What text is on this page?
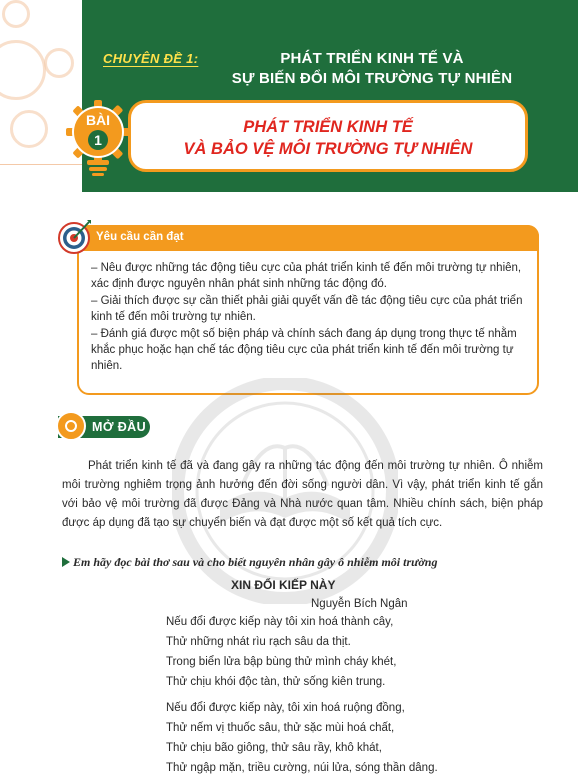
CHUYÊN ĐỀ 1:	PHÁT TRIỂN KINH TẾ VÀ
SỰ BIẾN ĐỔI MÔI TRƯỜNG TỰ NHIÊN
PHÁT TRIỂN KINH TẾ
VÀ BẢO VỆ MÔI TRƯỜNG TỰ NHIÊN
BÀI
1
Yêu cầu cần đạt

– Nêu được những tác động tiêu cực của phát triển kinh tế đến môi trường tự nhiên, xác định được nguyên nhân phát sinh những tác động đó.

– Giải thích được sự cần thiết phải giải quyết vấn đề tác động tiêu cực của phát triển kinh tế đến môi trường tự nhiên.

– Đánh giá được một số biện pháp và chính sách đang áp dụng trong thực tế nhằm khắc phục hoặc hạn chế tác động tiêu cực của phát triển kinh tế đến môi trường tự nhiên.

MỞ ĐẦU

Phát triển kinh tế đã và đang gây ra những tác động đến môi trường tự nhiên. Ô nhiễm môi trường nghiêm trọng ảnh hưởng đến đời sống người dân. Vì vậy, phát triển kinh tế gắn với bảo vệ môi trường đã được Đảng và Nhà nước quan tâm. Nhiều chính sách, biện pháp được áp dụng đã tạo sự chuyển biến và đạt được một số kết quả tích cực.

Em hãy đọc bài thơ sau và cho biết nguyên nhân gây ô nhiễm môi trường
XIN ĐỔI KIẾP NÀY
Nguyễn Bích Ngân
Nếu đổi được kiếp này tôi xin hoá thành cây,
Thử những nhát rìu rạch sâu da thịt.
Trong biển lửa bập bùng thử mình cháy khét,
Thử chịu khói độc tàn, thử sống kiên trung.
Nếu đổi được kiếp này, tôi xin hoá ruộng đồng,
Thử nếm vị thuốc sâu, thử sặc mùi hoá chất,
Thử chịu bão giông, thử sâu rầy, khô khát,
Thử ngập mặn, triều cường, núi lửa, sóng thần dâng.
